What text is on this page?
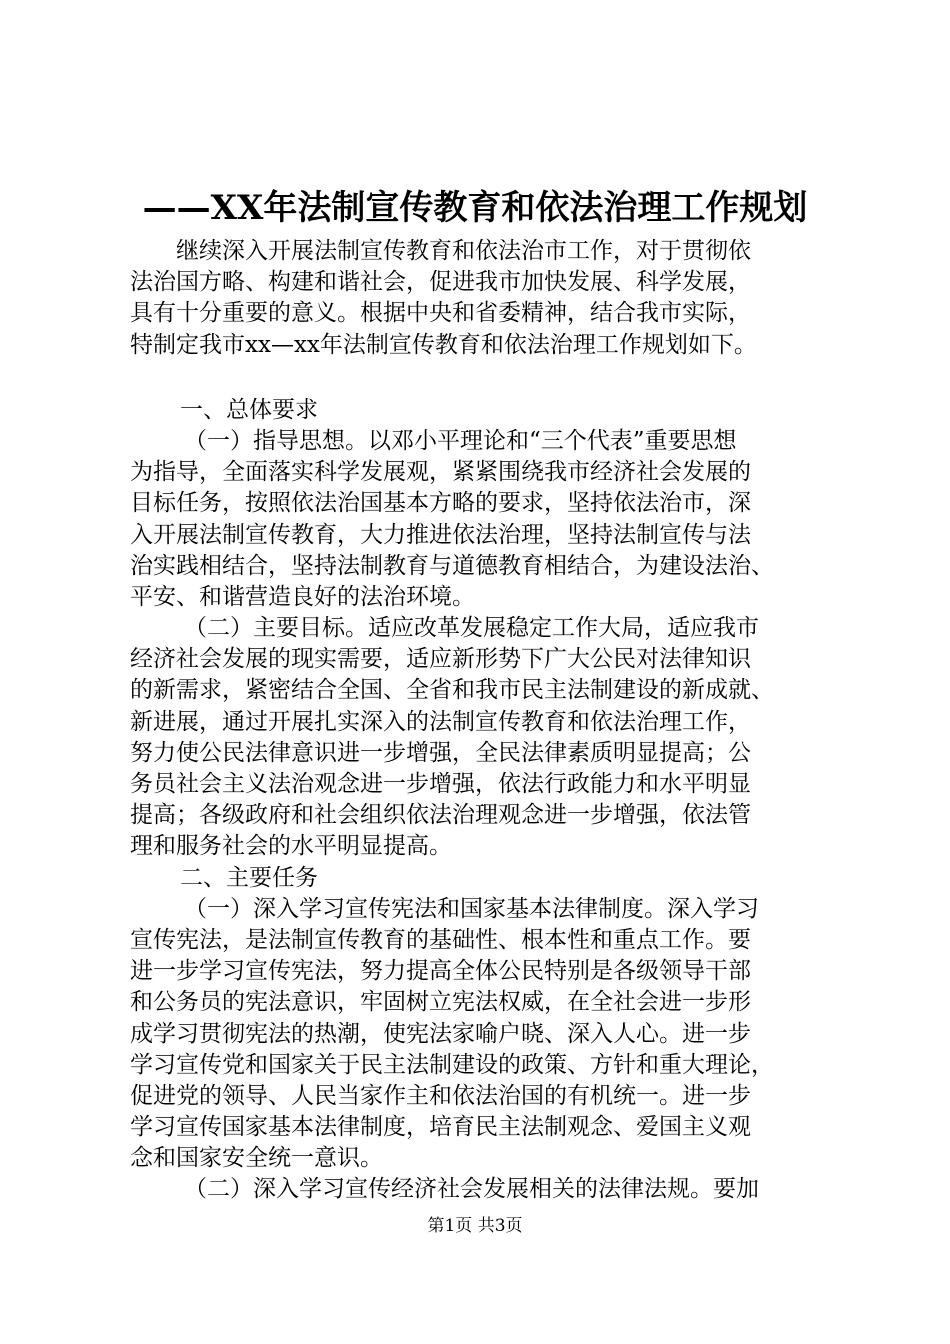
——XX年法制宣传教育和依法治理工作规划
继续深入开展法制宣传教育和依法治市工作，对于贯彻依
法治国方略、构建和谐社会，促进我市加快发展、科学发展，
具有十分重要的意义。根据中央和省委精神，结合我市实际，
特制定我市xx—xx年法制宣传教育和依法治理工作规划如下。
一、总体要求
（一）指导思想。以邓小平理论和“三个代表”重要思想
为指导，全面落实科学发展观，紧紧围绕我市经济社会发展的
目标任务，按照依法治国基本方略的要求，坚持依法治市，深
入开展法制宣传教育，大力推进依法治理，坚持法制宣传与法
治实践相结合，坚持法制教育与道德教育相结合，为建设法治、
平安、和谐营造良好的法治环境。
（二）主要目标。适应改革发展稳定工作大局，适应我市
经济社会发展的现实需要，适应新形势下广大公民对法律知识
的新需求，紧密结合全国、全省和我市民主法制建设的新成就、
新进展，通过开展扎实深入的法制宣传教育和依法治理工作，
努力使公民法律意识进一步增强，全民法律素质明显提高；公
务员社会主义法治观念进一步增强，依法行政能力和水平明显
提高；各级政府和社会组织依法治理观念进一步增强，依法管
理和服务社会的水平明显提高。
二、主要任务
（一）深入学习宣传宪法和国家基本法律制度。深入学习
宣传宪法，是法制宣传教育的基础性、根本性和重点工作。要
进一步学习宣传宪法，努力提高全体公民特别是各级领导干部
和公务员的宪法意识，牢固树立宪法权威，在全社会进一步形
成学习贯彻宪法的热潮，使宪法家喻户晓、深入人心。进一步
学习宣传党和国家关于民主法制建设的政策、方针和重大理论，
促进党的领导、人民当家作主和依法治国的有机统一。进一步
学习宣传国家基本法律制度，培育民主法制观念、爱国主义观
念和国家安全统一意识。
（二）深入学习宣传经济社会发展相关的法律法规。要加
第1页 共3页
